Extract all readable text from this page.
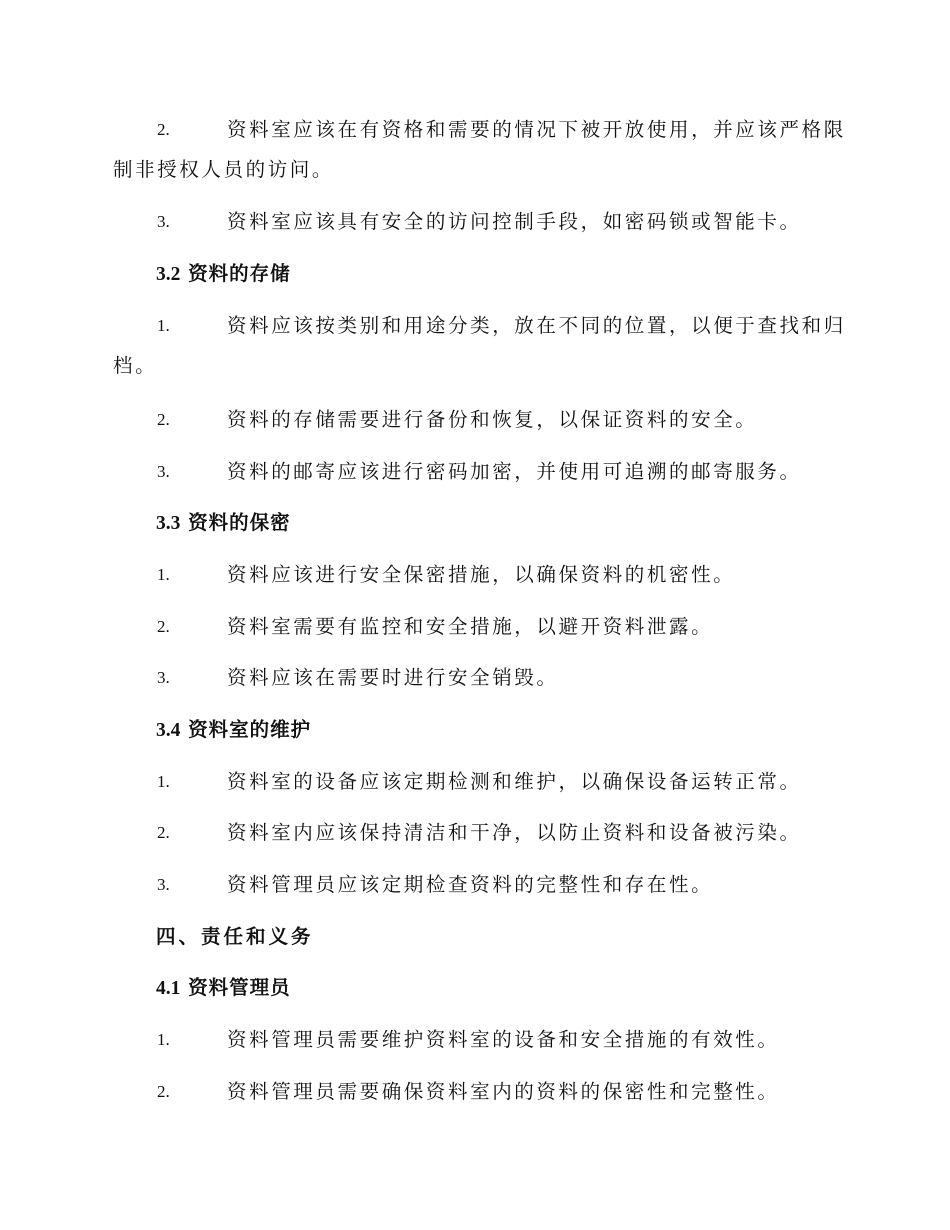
2.	资料室应该在有资格和需要的情况下被开放使用，并应该严格限
制非授权人员的访问。
3.	资料室应该具有安全的访问控制手段，如密码锁或智能卡。
3.2 资料的存储
1.	资料应该按类别和用途分类，放在不同的位置，以便于查找和归
档。
2.	资料的存储需要进行备份和恢复，以保证资料的安全。
3.	资料的邮寄应该进行密码加密，并使用可追溯的邮寄服务。
3.3 资料的保密
1.	资料应该进行安全保密措施，以确保资料的机密性。
2.	资料室需要有监控和安全措施，以避开资料泄露。
3.	资料应该在需要时进行安全销毁。
3.4 资料室的维护
1.	资料室的设备应该定期检测和维护，以确保设备运转正常。
2.	资料室内应该保持清洁和干净，以防止资料和设备被污染。
3.	资料管理员应该定期检查资料的完整性和存在性。
四、责任和义务
4.1 资料管理员
1.	资料管理员需要维护资料室的设备和安全措施的有效性。
2.	资料管理员需要确保资料室内的资料的保密性和完整性。
